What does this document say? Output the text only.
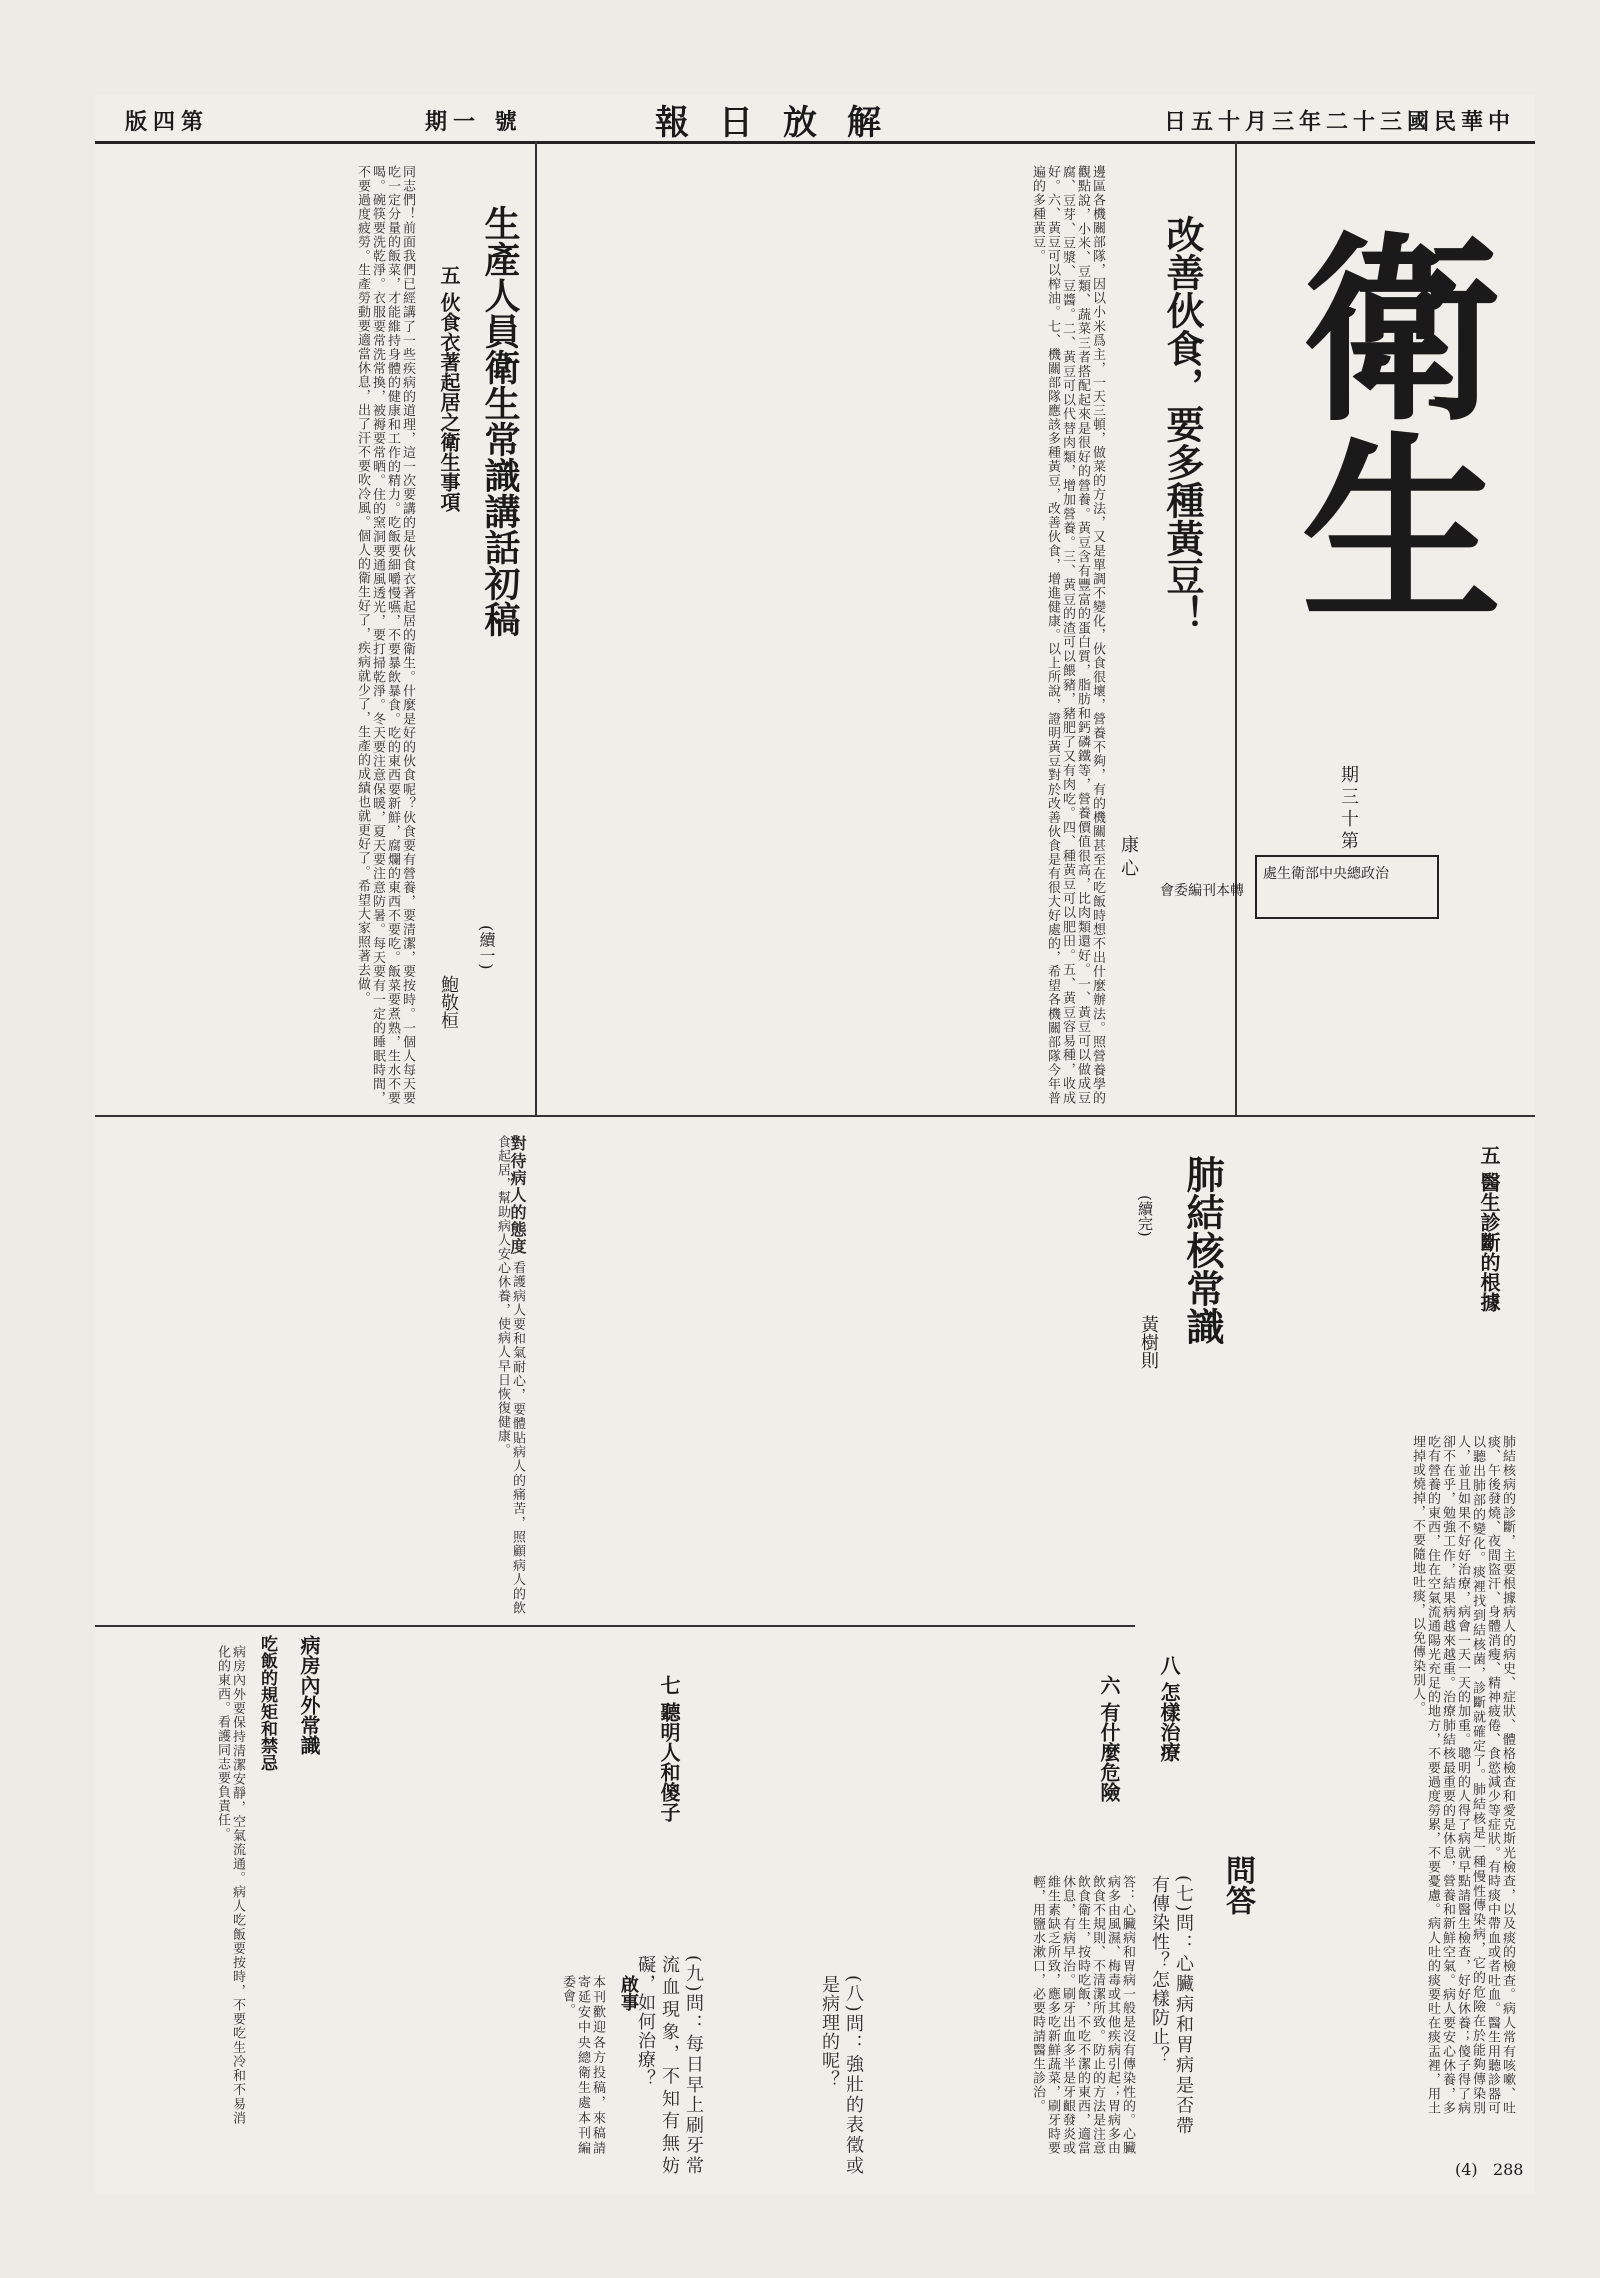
版四第	期一 號	報日放解	日五十月三年二十三國民華中
衛生
期三十第
處生衛部中央總政治
改善伙食，要多種黃豆！
康 心
邊區各機關部隊，因以小米爲主，一天三頓，做菜的方法，又是單調不變化，伙食很壞，營養不夠，有的機關甚至在吃飯時想不出什麼辦法。照營養學的觀點說，小米、豆類、蔬菜三者搭配起來是很好的營養。黃豆含有豐富的蛋白質，脂肪和鈣磷鐵等，營養價值很高，比肉類還好。一、黃豆可以做成豆腐、豆芽、豆漿、豆醬。二、黃豆可以代替肉類，增加營養。三、黃豆的渣可以餵豬，豬肥了又有肉吃。四、種黃豆可以肥田。五、黃豆容易種，收成好。六、黃豆可以榨油。七、機關部隊應該多種黃豆，改善伙食，增進健康。以上所說，證明黃豆對於改善伙食是有很大好處的，希望各機關部隊今年普遍的多種黃豆。
生產人員衛生常識講話初稿
五 伙食衣著起居之衛生事項
鮑敬桓
(續一)
同志們！前面我們已經講了一些疾病的道理，這一次要講的是伙食衣著起居的衛生。什麼是好的伙食呢？伙食要有營養，要清潔，要按時。一個人每天要吃一定分量的飯菜，才能維持身體的健康和工作的精力。吃飯要細嚼慢嚥，不要暴飲暴食。吃的東西要新鮮，腐爛的東西不要吃。飯菜要煮熟，生水不要喝。碗筷要洗乾淨。衣服要常洗常換，被褥要常晒。住的窯洞要通風透光，要打掃乾淨。冬天要注意保暖，夏天要注意防暑。每天要有一定的睡眠時間，不要過度疲勞。生產勞動要適當休息，出了汗不要吹冷風。個人的衛生好了，疾病就少了，生產的成績也就更好了。希望大家照著去做。
肺結核常識
(續完)
黃樹則
五 醫生診斷的根據
肺結核病的診斷，主要根據病人的病史、症狀、體格檢查和愛克斯光檢查，以及痰的檢查。病人常有咳嗽、吐痰、午後發燒、夜間盜汗、身體消瘦、精神疲倦、食慾減少等症狀。有時痰中帶血或者吐血。醫生用聽診器可以聽出肺部的變化。痰裡找到結核菌，診斷就確定了。肺結核是一種慢性傳染病，它的危險在於能夠傳染別人，並且如果不好好治療，病會一天一天的加重。聰明的人得了病就早點請醫生檢查，好好休養；傻子得了病卻不在乎，勉強工作，結果病越來越重。治療肺結核最重要的是休息，營養和新鮮空氣。病人要安心休養，多吃有營養的東西，住在空氣流通陽光充足的地方，不要過度勞累，不要憂慮。病人吐的痰要吐在痰盂裡，用土埋掉或燒掉，不要隨地吐痰，以免傳染別人。
六 有什麼危險
七 聽明人和傻子	八 怎樣治療
問答
(七)問：心臟病和胃病是否帶有傳染性？怎樣防止？
(八)問：強壯的表徵或是病理的呢？
(九)問：每日早上刷牙常流血現象，不知有無妨礙，如何治療？	答：心臟病和胃病一般是沒有傳染性的。心臟病多由風濕、梅毒或其他疾病引起；胃病多由飲食不規則、不清潔所致。防止的方法是注意飲食衛生，按時吃飯，不吃不潔的東西，適當休息，有病早治。刷牙出血多半是牙齦發炎或維生素缺乏所致，應多吃新鮮蔬菜，刷牙時要輕，用鹽水漱口，必要時請醫生診治。
對待病人的態度 看護病人要和氣耐心，要體貼病人的痛苦，照顧病人的飲食起居，幫助病人安心休養，使病人早日恢復健康。
病房內外常識
吃飯的規矩和禁忌
病房內外要保持清潔安靜，空氣流通。病人吃飯要按時，不要吃生冷和不易消化的東西。看護同志要負責任。
啟事
本刊歡迎各方投稿，來稿請寄延安中央總衛生處本刊編委會。
(4) 288
會委編刊本轉
